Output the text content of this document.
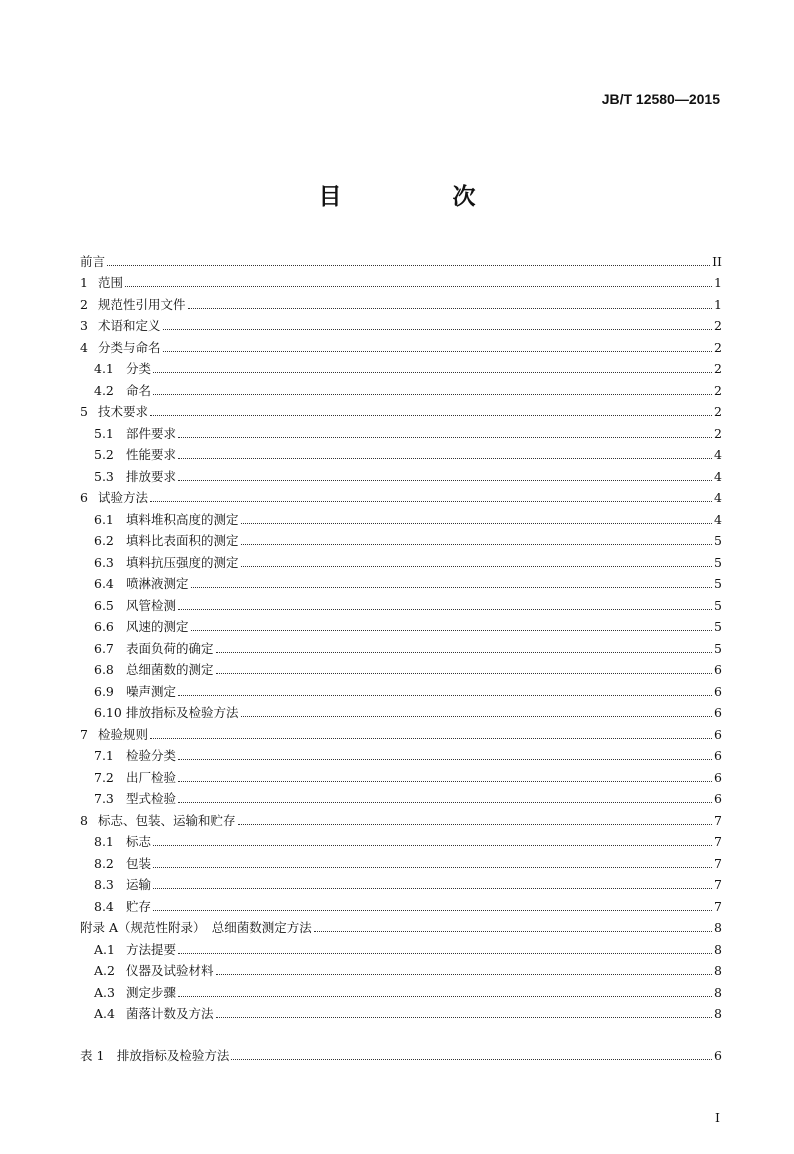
JB/T 12580—2015
目　次
前言	II
1 范围	1
2 规范性引用文件	1
3 术语和定义	2
4 分类与命名	2
4.1 分类	2
4.2 命名	2
5 技术要求	2
5.1 部件要求	2
5.2 性能要求	4
5.3 排放要求	4
6 试验方法	4
6.1 填料堆积高度的测定	4
6.2 填料比表面积的测定	5
6.3 填料抗压强度的测定	5
6.4 喷淋液测定	5
6.5 风管检测	5
6.6 风速的测定	5
6.7 表面负荷的确定	5
6.8 总细菌数的测定	6
6.9 噪声测定	6
6.10 排放指标及检验方法	6
7 检验规则	6
7.1 检验分类	6
7.2 出厂检验	6
7.3 型式检验	6
8 标志、包装、运输和贮存	7
8.1 标志	7
8.2 包装	7
8.3 运输	7
8.4 贮存	7
附录 A（规范性附录）　总细菌数测定方法	8
A.1 方法提要	8
A.2 仪器及试验材料	8
A.3 测定步骤	8
A.4 菌落计数及方法	8
表 1　排放指标及检验方法	6
I
